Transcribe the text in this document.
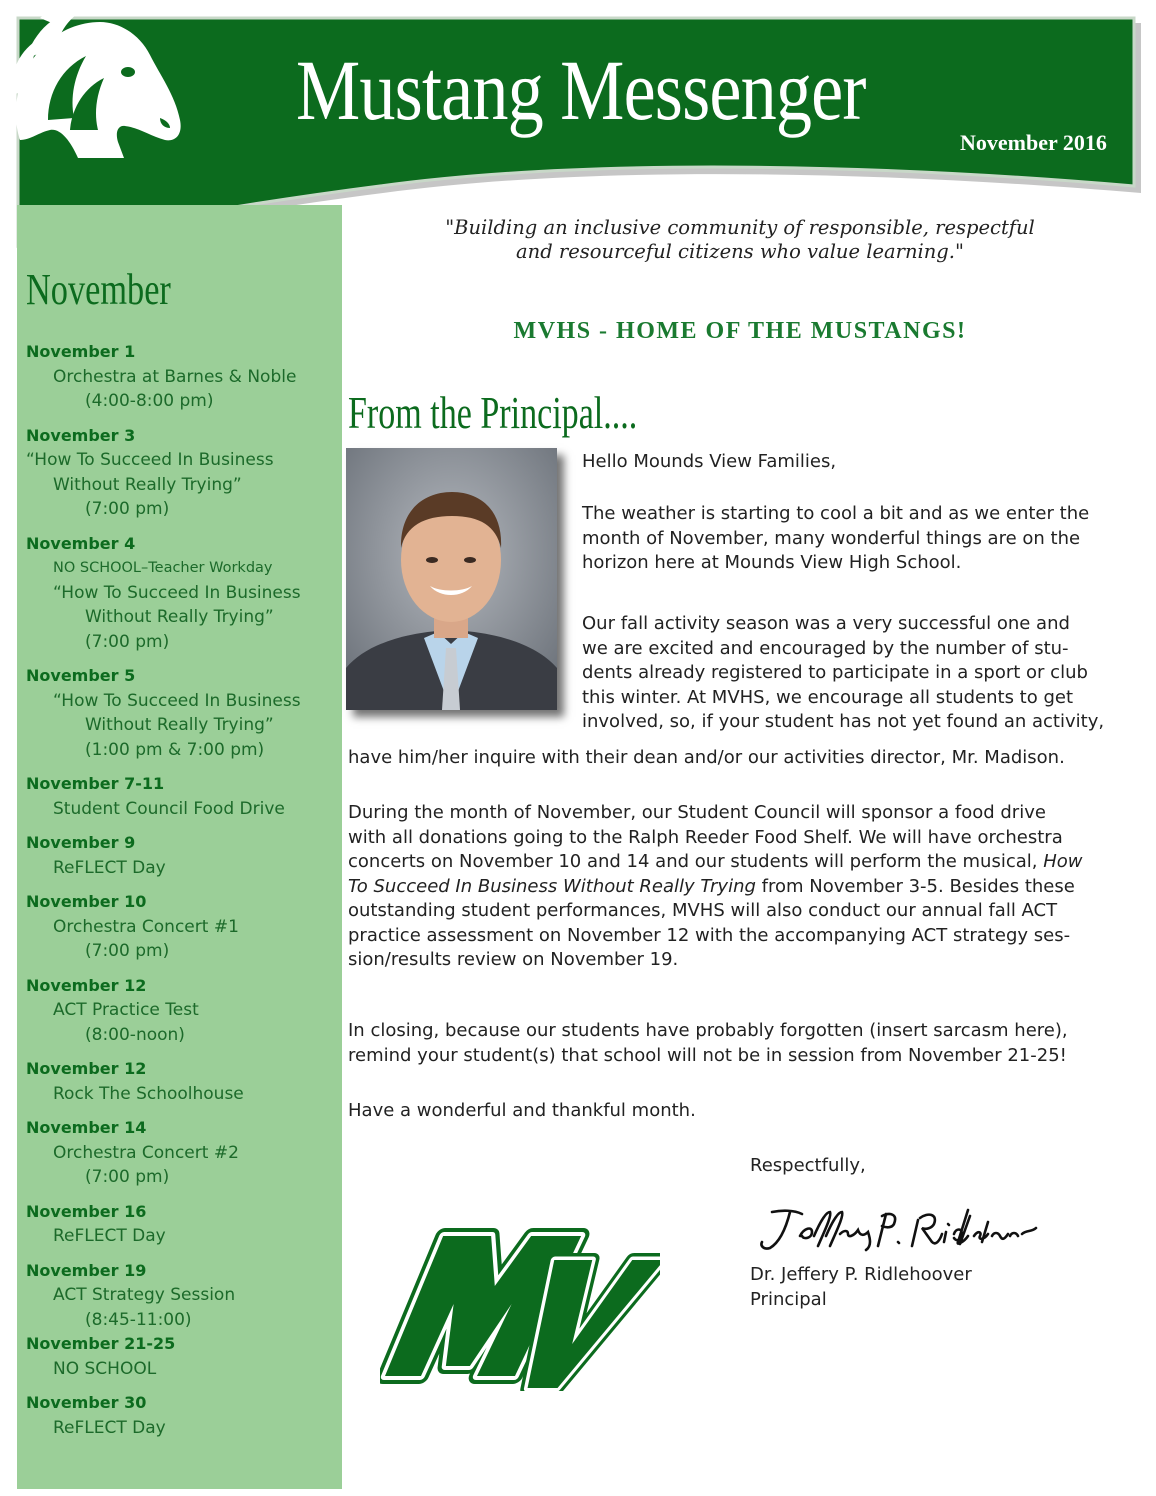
Mustang Messenger
November 2016
November
November 1
Orchestra at Barnes & Noble
(4:00-8:00 pm)
November 3
“How To Succeed In Business
Without Really Trying”
(7:00 pm)
November 4
NO SCHOOL–Teacher Workday
“How To Succeed In Business
Without Really Trying”
(7:00 pm)
November 5
“How To Succeed In Business
Without Really Trying”
(1:00 pm & 7:00 pm)
November 7-11
Student Council Food Drive
November 9
ReFLECT Day
November 10
Orchestra Concert #1
(7:00 pm)
November 12
ACT Practice Test
(8:00-noon)
November 12
Rock The Schoolhouse
November 14
Orchestra Concert #2
(7:00 pm)
November 16
ReFLECT Day
November 19
ACT Strategy Session
(8:45-11:00)
November 21-25
NO SCHOOL
November 30
ReFLECT Day
"Building an inclusive community of responsible, respectful
and resourceful citizens who value learning."
MVHS - HOME OF THE MUSTANGS!
From the Principal....
Hello Mounds View Families,
The weather is starting to cool a bit and as we enter the
month of November, many wonderful things are on the
horizon here at Mounds View High School.
Our fall activity season was a very successful one and
we are excited and encouraged by the number of stu-
dents already registered to participate in a sport or club
this winter. At MVHS, we encourage all students to get
involved, so, if your student has not yet found an activity,
have him/her inquire with their dean and/or our activities director, Mr. Madison.
During the month of November, our Student Council will sponsor a food drive
with all donations going to the Ralph Reeder Food Shelf. We will have orchestra
concerts on November 10 and 14 and our students will perform the musical, How
To Succeed In Business Without Really Trying from November 3-5. Besides these
outstanding student performances, MVHS will also conduct our annual fall ACT
practice assessment on November 12 with the accompanying ACT strategy ses-
sion/results review on November 19.
In closing, because our students have probably forgotten (insert sarcasm here),
remind your student(s) that school will not be in session from November 21-25!
Have a wonderful and thankful month.
Respectfully,
Dr. Jeffery P. Ridlehoover
Principal
